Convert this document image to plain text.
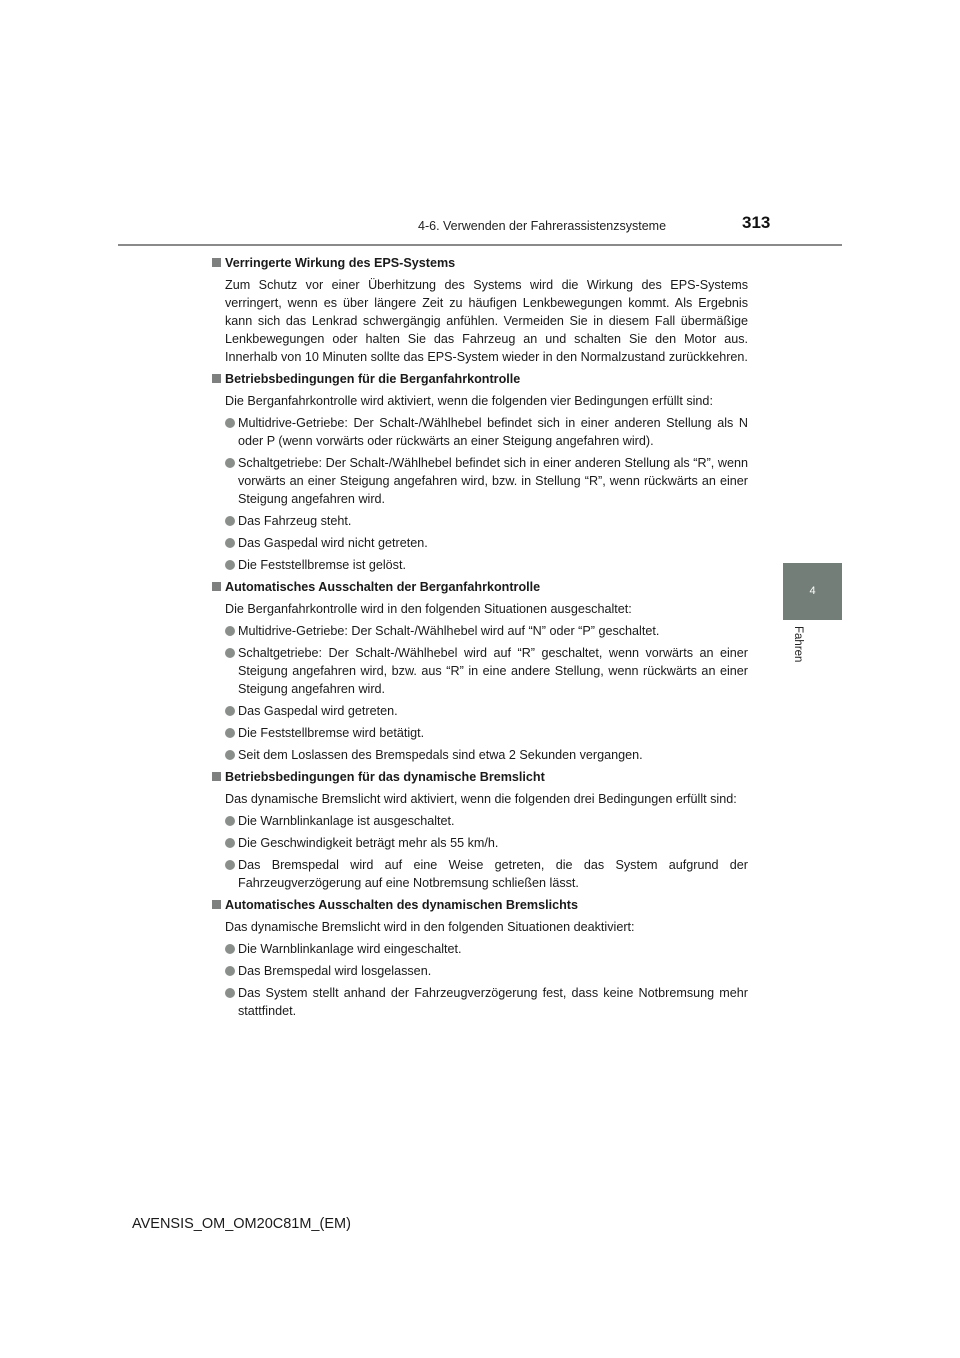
4-6. Verwenden der Fahrerassistenzsysteme	313
4
Fahren
Verringerte Wirkung des EPS-Systems
Zum Schutz vor einer Überhitzung des Systems wird die Wirkung des EPS-Systems verringert, wenn es über längere Zeit zu häufigen Lenkbewegungen kommt. Als Ergebnis kann sich das Lenkrad schwergängig anfühlen. Vermeiden Sie in diesem Fall übermäßige Lenkbewegungen oder halten Sie das Fahrzeug an und schalten Sie den Motor aus. Innerhalb von 10 Minuten sollte das EPS-System wieder in den Normalzustand zurückkehren.
Betriebsbedingungen für die Berganfahrkontrolle
Die Berganfahrkontrolle wird aktiviert, wenn die folgenden vier Bedingungen erfüllt sind:
Multidrive-Getriebe: Der Schalt-/Wählhebel befindet sich in einer anderen Stellung als N oder P (wenn vorwärts oder rückwärts an einer Steigung angefahren wird).
Schaltgetriebe: Der Schalt-/Wählhebel befindet sich in einer anderen Stellung als “R”, wenn vorwärts an einer Steigung angefahren wird, bzw. in Stellung “R”, wenn rückwärts an einer Steigung angefahren wird.
Das Fahrzeug steht.
Das Gaspedal wird nicht getreten.
Die Feststellbremse ist gelöst.
Automatisches Ausschalten der Berganfahrkontrolle
Die Berganfahrkontrolle wird in den folgenden Situationen ausgeschaltet:
Multidrive-Getriebe: Der Schalt-/Wählhebel wird auf “N” oder “P” geschaltet.
Schaltgetriebe: Der Schalt-/Wählhebel wird auf “R” geschaltet, wenn vorwärts an einer Steigung angefahren wird, bzw. aus “R” in eine andere Stellung, wenn rückwärts an einer Steigung angefahren wird.
Das Gaspedal wird getreten.
Die Feststellbremse wird betätigt.
Seit dem Loslassen des Bremspedals sind etwa 2 Sekunden vergangen.
Betriebsbedingungen für das dynamische Bremslicht
Das dynamische Bremslicht wird aktiviert, wenn die folgenden drei Bedingungen erfüllt sind:
Die Warnblinkanlage ist ausgeschaltet.
Die Geschwindigkeit beträgt mehr als 55 km/h.
Das Bremspedal wird auf eine Weise getreten, die das System aufgrund der Fahrzeugverzögerung auf eine Notbremsung schließen lässt.
Automatisches Ausschalten des dynamischen Bremslichts
Das dynamische Bremslicht wird in den folgenden Situationen deaktiviert:
Die Warnblinkanlage wird eingeschaltet.
Das Bremspedal wird losgelassen.
Das System stellt anhand der Fahrzeugverzögerung fest, dass keine Notbremsung mehr stattfindet.
AVENSIS_OM_OM20C81M_(EM)
